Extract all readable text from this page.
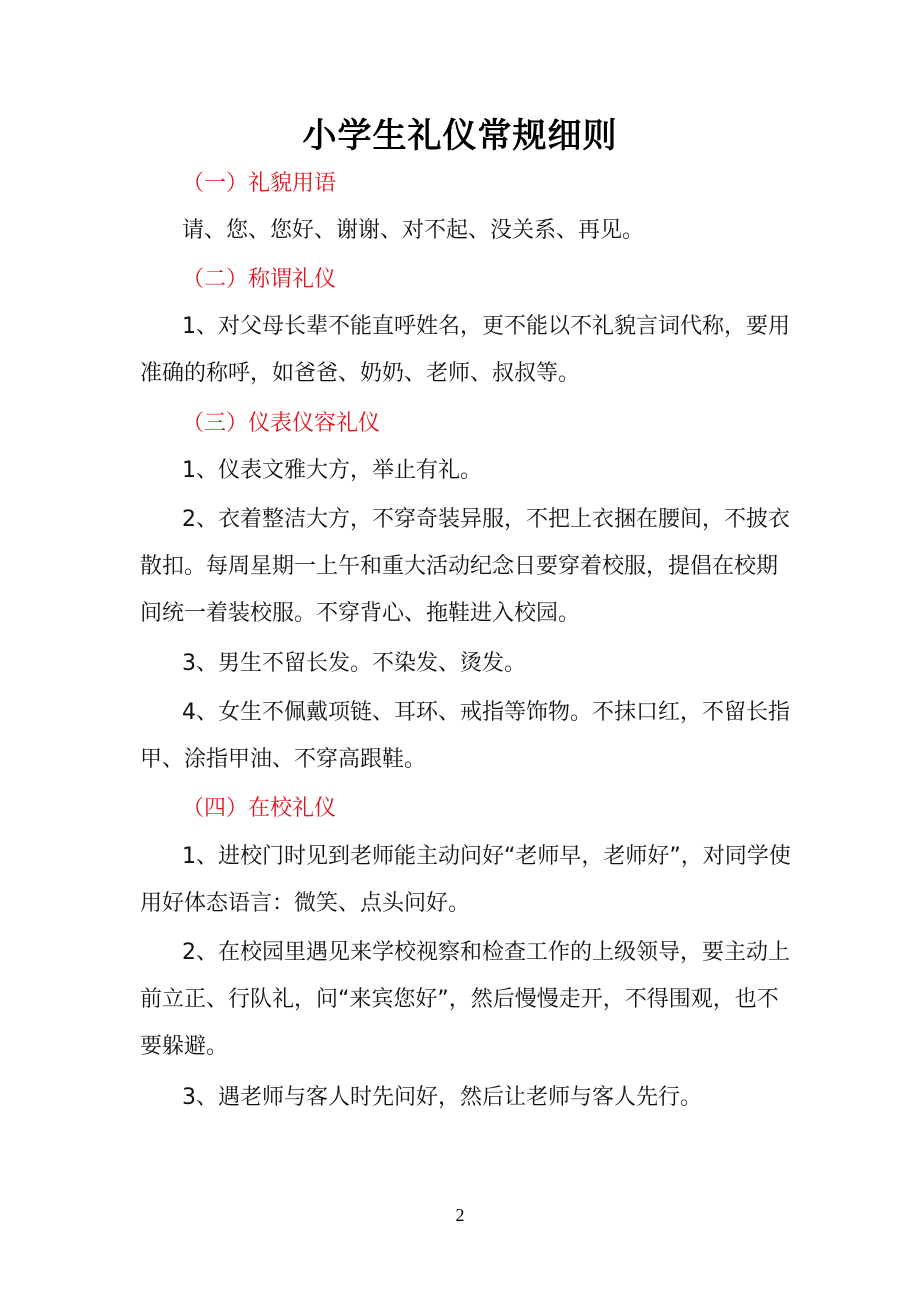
小学生礼仪常规细则
（一）礼貌用语
请、您、您好、谢谢、对不起、没关系、再见。
（二）称谓礼仪
1、对父母长辈不能直呼姓名，更不能以不礼貌言词代称，要用
准确的称呼，如爸爸、奶奶、老师、叔叔等。
（三）仪表仪容礼仪
1、仪表文雅大方，举止有礼。
2、衣着整洁大方，不穿奇装异服，不把上衣捆在腰间，不披衣
散扣。每周星期一上午和重大活动纪念日要穿着校服，提倡在校期
间统一着装校服。不穿背心、拖鞋进入校园。
3、男生不留长发。不染发、烫发。
4、女生不佩戴项链、耳环、戒指等饰物。不抹口红，不留长指
甲、涂指甲油、不穿高跟鞋。
（四）在校礼仪
1、进校门时见到老师能主动问好“老师早，老师好”，对同学使
用好体态语言：微笑、点头问好。
2、在校园里遇见来学校视察和检查工作的上级领导，要主动上
前立正、行队礼，问“来宾您好”，然后慢慢走开，不得围观，也不
要躲避。
3、遇老师与客人时先问好，然后让老师与客人先行。
2
